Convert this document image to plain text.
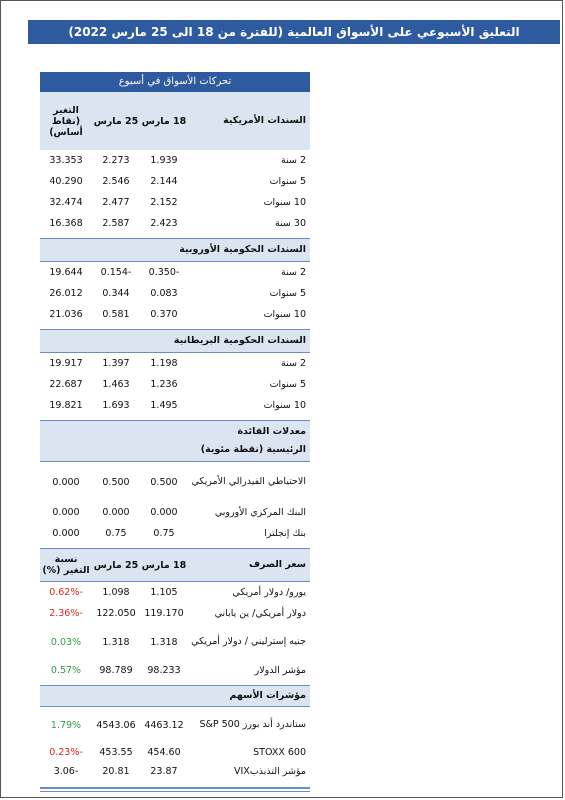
التعليق الأسبوعي على الأسواق العالمية (للفترة من 18 الى 25 مارس 2022)
تحركات الأسواق في أسبوع
السندات الأمريكية
18 مارس
25 مارس
التغير (نقاط أساس)
2 سنة
1.939
2.273
33.353
5 سنوات
2.144
2.546
40.290
10 سنوات
2.152
2.477
32.474
30 سنة
2.423
2.587
16.368
السندات الحكومية الأوروبية
2 سنة
-0.350
-0.154
19.644
5 سنوات
0.083
0.344
26.012
10 سنوات
0.370
0.581
21.036
السندات الحكومية البريطانية
2 سنة
1.198
1.397
19.917
5 سنوات
1.236
1.463
22.687
10 سنوات
1.495
1.693
19.821
معدلات الفائدة الرئيسية (نقطة مئوية)
الاحتياطي الفيدرالي الأمريكي
0.500
0.500
0.000
البنك المركزي الأوروبي
0.000
0.000
0.000
بنك إنجلترا
0.75
0.75
0.000
سعر الصرف
18 مارس
25 مارس
نسبة التغير (%)
يورو/ دولار أمريكي
1.105
1.098
-0.62%
دولار أمريكي/ ين ياباني
119.170
122.050
-2.36%
جنيه إسترليني / دولار أمريكي
1.318
1.318
0.03%
مؤشر الدولار
98.233
98.789
0.57%
مؤشرات الأسهم
ستاندرد أند بورز S&P 500
4463.12
4543.06
1.79%
STOXX 600
454.60
453.55
-0.23%
مؤشر التذبذبVIX
23.87
20.81
-3.06
